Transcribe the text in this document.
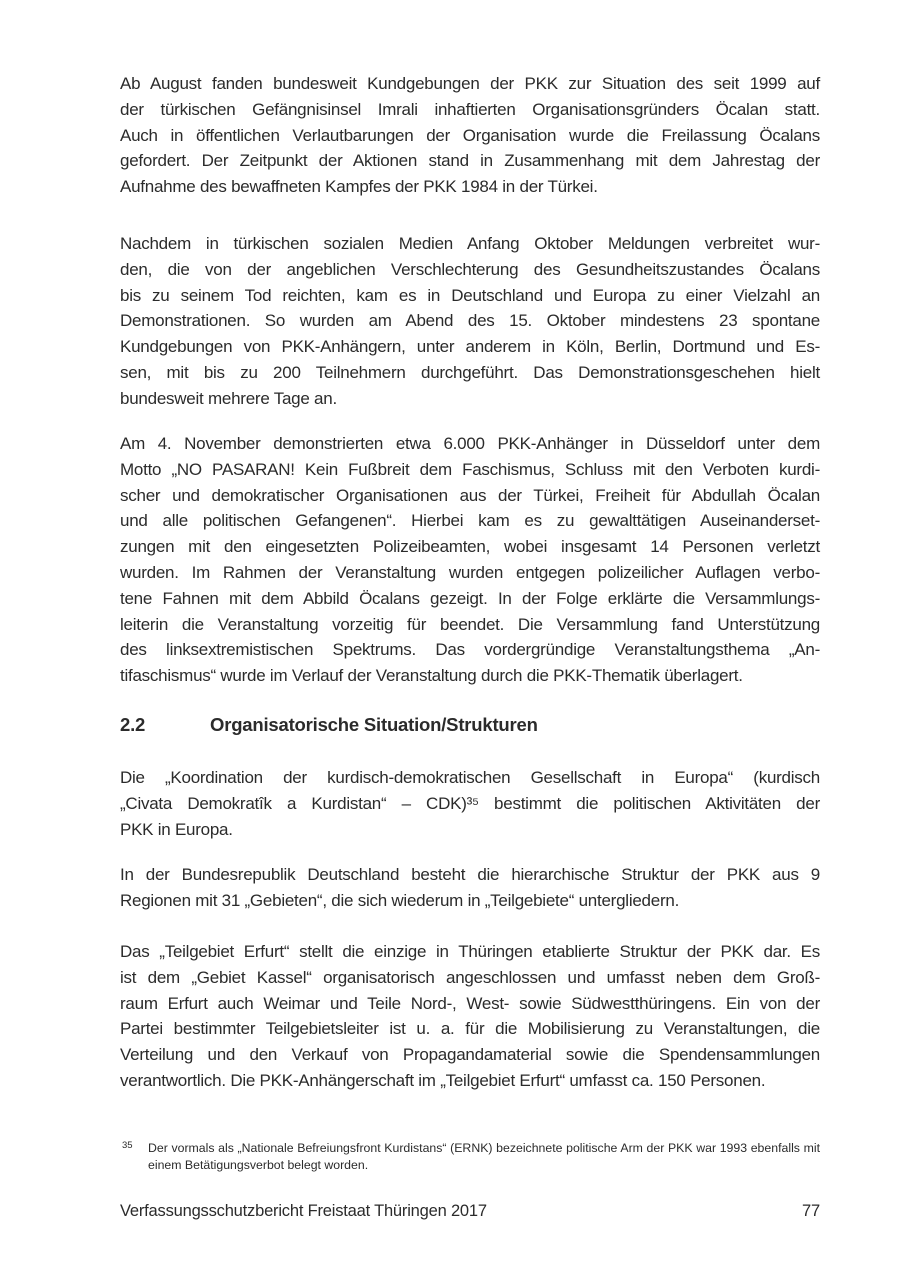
Ab August fanden bundesweit Kundgebungen der PKK zur Situation des seit 1999 auf
der türkischen Gefängnisinsel Imrali inhaftierten Organisationsgründers Öcalan statt.
Auch in öffentlichen Verlautbarungen der Organisation wurde die Freilassung Öcalans
gefordert. Der Zeitpunkt der Aktionen stand in Zusammenhang mit dem Jahrestag der
Aufnahme des bewaffneten Kampfes der PKK 1984 in der Türkei.
Nachdem in türkischen sozialen Medien Anfang Oktober Meldungen verbreitet wur-
den, die von der angeblichen Verschlechterung des Gesundheitszustandes Öcalans
bis zu seinem Tod reichten, kam es in Deutschland und Europa zu einer Vielzahl an
Demonstrationen. So wurden am Abend des 15. Oktober mindestens 23 spontane
Kundgebungen von PKK-Anhängern, unter anderem in Köln, Berlin, Dortmund und Es-
sen, mit bis zu 200 Teilnehmern durchgeführt. Das Demonstrationsgeschehen hielt
bundesweit mehrere Tage an.
Am 4. November demonstrierten etwa 6.000 PKK-Anhänger in Düsseldorf unter dem
Motto „NO PASARAN! Kein Fußbreit dem Faschismus, Schluss mit den Verboten kurdi-
scher und demokratischer Organisationen aus der Türkei, Freiheit für Abdullah Öcalan
und alle politischen Gefangenen“. Hierbei kam es zu gewalttätigen Auseinanderset-
zungen mit den eingesetzten Polizeibeamten, wobei insgesamt 14 Personen verletzt
wurden. Im Rahmen der Veranstaltung wurden entgegen polizeilicher Auflagen verbo-
tene Fahnen mit dem Abbild Öcalans gezeigt. In der Folge erklärte die Versammlungs-
leiterin die Veranstaltung vorzeitig für beendet. Die Versammlung fand Unterstützung
des linksextremistischen Spektrums. Das vordergründige Veranstaltungsthema „An-
tifaschismus“ wurde im Verlauf der Veranstaltung durch die PKK-Thematik überlagert.
2.2	Organisatorische Situation/Strukturen
Die „Koordination der kurdisch-demokratischen Gesellschaft in Europa“ (kurdisch
„Civata Demokratîk a Kurdistan“ – CDK)³⁵ bestimmt die politischen Aktivitäten der
PKK in Europa.
In der Bundesrepublik Deutschland besteht die hierarchische Struktur der PKK aus 9
Regionen mit 31 „Gebieten“, die sich wiederum in „Teilgebiete“ untergliedern.
Das „Teilgebiet Erfurt“ stellt die einzige in Thüringen etablierte Struktur der PKK dar. Es
ist dem „Gebiet Kassel“ organisatorisch angeschlossen und umfasst neben dem Groß-
raum Erfurt auch Weimar und Teile Nord-, West- sowie Südwestthüringens. Ein von der
Partei bestimmter Teilgebietsleiter ist u. a. für die Mobilisierung zu Veranstaltungen, die
Verteilung und den Verkauf von Propagandamaterial sowie die Spendensammlungen
verantwortlich. Die PKK-Anhängerschaft im „Teilgebiet Erfurt“ umfasst ca. 150 Personen.
35 Der vormals als „Nationale Befreiungsfront Kurdistans“ (ERNK) bezeichnete politische Arm der PKK war 1993 ebenfalls mit
einem Betätigungsverbot belegt worden.
Verfassungsschutzbericht Freistaat Thüringen 2017	77
